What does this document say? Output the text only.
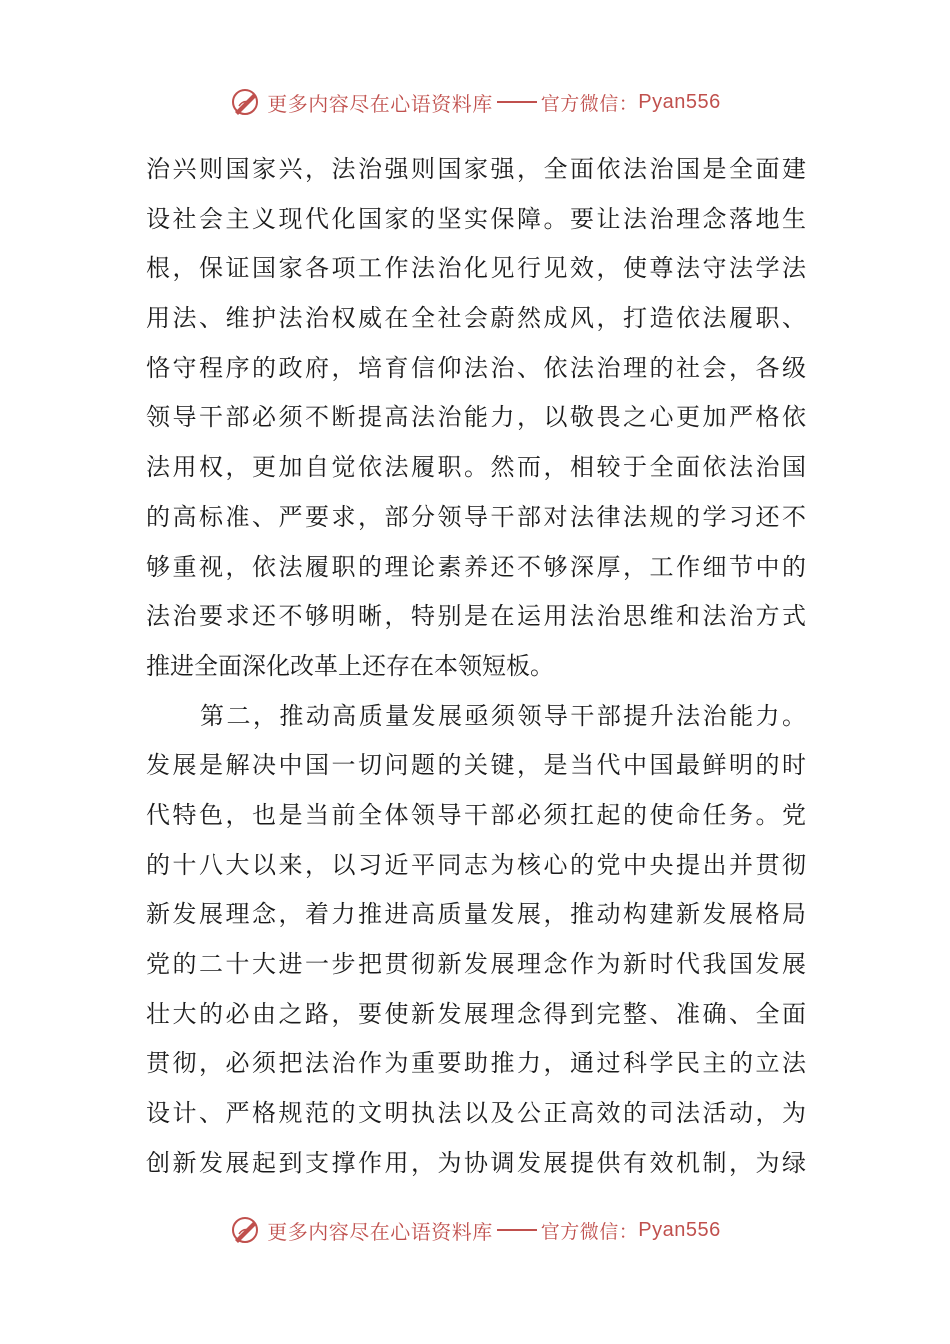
更多内容尽在心语资料库	官方微信： Pyan556
治兴则国家兴，法治强则国家强，全面依法治国是全面建
设社会主义现代化国家的坚实保障。要让法治理念落地生
根，保证国家各项工作法治化见行见效，使尊法守法学法
用法、维护法治权威在全社会蔚然成风，打造依法履职、
恪守程序的政府，培育信仰法治、依法治理的社会，各级
领导干部必须不断提高法治能力，以敬畏之心更加严格依
法用权，更加自觉依法履职。然而，相较于全面依法治国
的高标准、严要求，部分领导干部对法律法规的学习还不
够重视，依法履职的理论素养还不够深厚，工作细节中的
法治要求还不够明晰，特别是在运用法治思维和法治方式
推进全面深化改革上还存在本领短板。
第二，推动高质量发展亟须领导干部提升法治能力。
发展是解决中国一切问题的关键，是当代中国最鲜明的时
代特色，也是当前全体领导干部必须扛起的使命任务。党
的十八大以来，以习近平同志为核心的党中央提出并贯彻
新发展理念，着力推进高质量发展，推动构建新发展格局
党的二十大进一步把贯彻新发展理念作为新时代我国发展
壮大的必由之路，要使新发展理念得到完整、准确、全面
贯彻，必须把法治作为重要助推力，通过科学民主的立法
设计、严格规范的文明执法以及公正高效的司法活动，为
创新发展起到支撑作用，为协调发展提供有效机制，为绿
更多内容尽在心语资料库	官方微信： Pyan556
